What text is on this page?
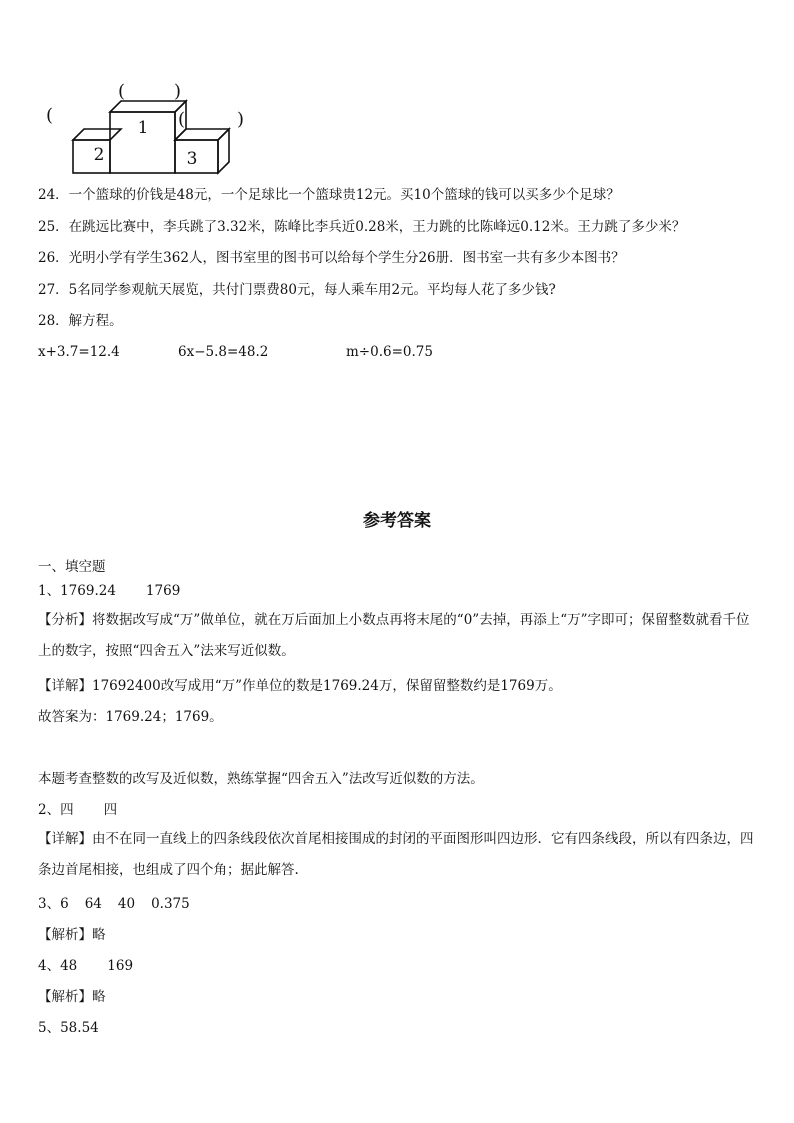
1
2	3
(	)
(	(	)
24．一个篮球的价钱是48元，一个足球比一个篮球贵12元。买10个篮球的钱可以买多少个足球？
25．在跳远比赛中，李兵跳了3.32米，陈峰比李兵近0.28米，王力跳的比陈峰远0.12米。王力跳了多少米？
26．光明小学有学生362人，图书室里的图书可以给每个学生分26册．图书室一共有多少本图书？
27．5名同学参观航天展览，共付门票费80元，每人乘车用2元。平均每人花了多少钱?
28．解方程。
x+3.7=12.4	6x−5.8=48.2	m÷0.6=0.75
参考答案
一、填空题
1、1769.24 1769
【分析】将数据改写成“万”做单位，就在万后面加上小数点再将末尾的“0”去掉，再添上“万”字即可；保留整数就看千位上的数字，按照“四舍五入”法来写近似数。
【详解】17692400改写成用“万”作单位的数是1769.24万，保留留整数约是1769万。
故答案为：1769.24；1769。
本题考查整数的改写及近似数，熟练掌握“四舍五入”法改写近似数的方法。
2、四 四
【详解】由不在同一直线上的四条线段依次首尾相接围成的封闭的平面图形叫四边形．它有四条线段，所以有四条边，四条边首尾相接，也组成了四个角；据此解答.
3、6 64 40 0.375
【解析】略
4、48 169
【解析】略
5、58.54
